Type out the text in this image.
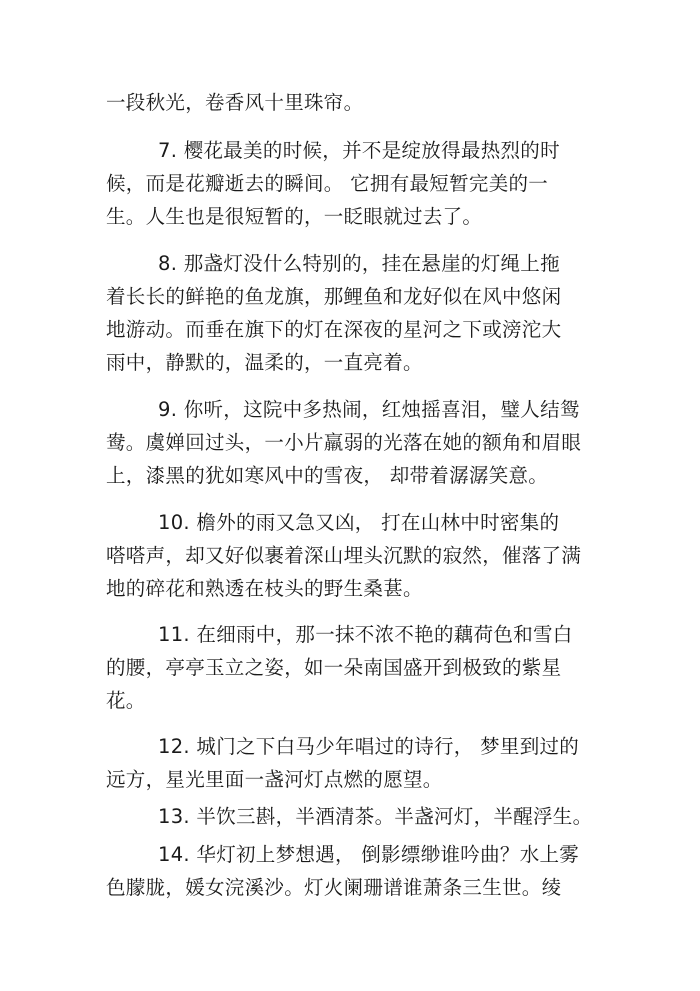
一段秋光，卷香风十里珠帘。
7. 樱花最美的时候，并不是绽放得最热烈的时
候，而是花瓣逝去的瞬间。 它拥有最短暂完美的一
生。人生也是很短暂的，一眨眼就过去了。
8. 那盏灯没什么特别的，挂在悬崖的灯绳上拖
着长长的鲜艳的鱼龙旗，那鲤鱼和龙好似在风中悠闲
地游动。而垂在旗下的灯在深夜的星河之下或滂沱大
雨中，静默的，温柔的，一直亮着。
9. 你听，这院中多热闹，红烛摇喜泪，璧人结鸳
鸯。虞婵回过头，一小片羸弱的光落在她的额角和眉眼
上，漆黑的犹如寒风中的雪夜， 却带着潺潺笑意。
10. 檐外的雨又急又凶， 打在山林中时密集的
嗒嗒声，却又好似裹着深山埋头沉默的寂然，催落了满
地的碎花和熟透在枝头的野生桑葚。
11. 在细雨中，那一抹不浓不艳的藕荷色和雪白
的腰，亭亭玉立之姿，如一朵南国盛开到极致的紫星
花。
12. 城门之下白马少年唱过的诗行， 梦里到过的
远方，星光里面一盏河灯点燃的愿望。
13. 半饮三斟，半酒清茶。半盏河灯，半醒浮生。
14. 华灯初上梦想遇， 倒影缥缈谁吟曲？水上雾
色朦胧，媛女浣溪沙。灯火阑珊谱谁萧条三生世。绫
